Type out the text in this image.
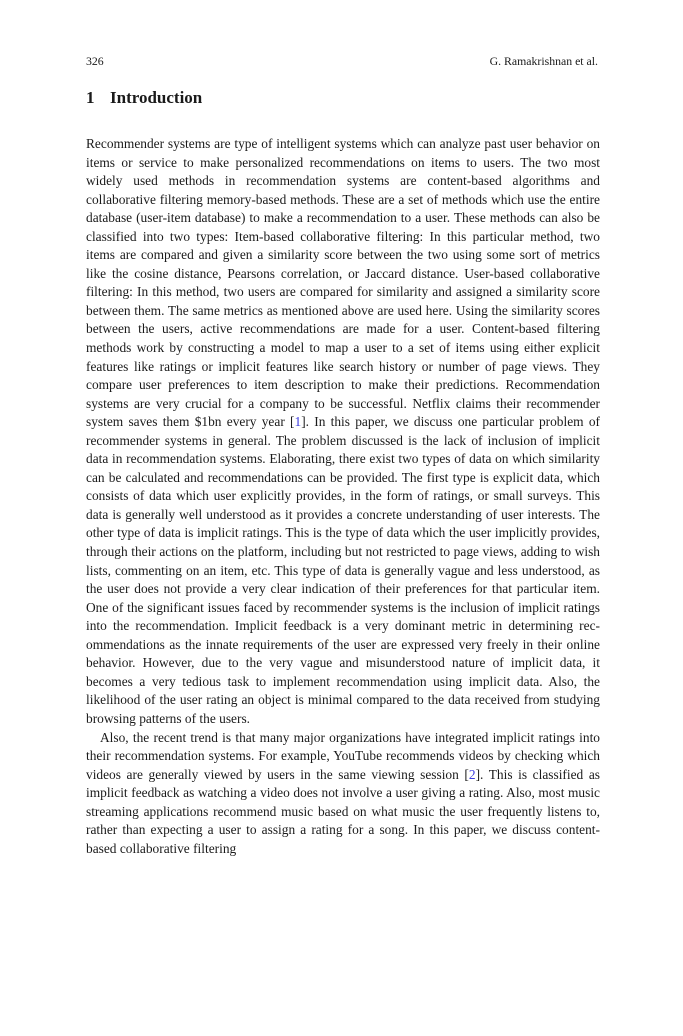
326	G. Ramakrishnan et al.
1 Introduction

Recommender systems are type of intelligent systems which can analyze past user behavior on items or service to make personalized recommendations on items to users. The two most widely used methods in recommendation systems are content-based algorithms and collaborative filtering memory-based methods. These are a set of methods which use the entire database (user-item database) to make a recommendation to a user. These methods can also be classified into two types: Item-based collaborative filtering: In this particular method, two items are compared and given a similarity score between the two using some sort of metrics like the cosine distance, Pearsons correlation, or Jaccard distance. User-based collaborative filtering: In this method, two users are compared for similarity and assigned a similarity score between them. The same metrics as mentioned above are used here. Using the similarity scores between the users, active recommendations are made for a user. Content-based filtering methods work by constructing a model to map a user to a set of items using either explicit features like ratings or implicit features like search history or number of page views. They compare user preferences to item description to make their predictions. Recommendation systems are very crucial for a company to be successful. Netflix claims their recommender system saves them $1bn every year [1]. In this paper, we discuss one particular problem of recommender systems in general. The problem discussed is the lack of inclusion of implicit data in recommendation systems. Elaborating, there exist two types of data on which similarity can be calculated and recommendations can be provided. The first type is explicit data, which consists of data which user explicitly provides, in the form of ratings, or small surveys. This data is generally well understood as it provides a concrete understanding of user interests. The other type of data is implicit ratings. This is the type of data which the user implicitly provides, through their actions on the platform, including but not restricted to page views, adding to wish lists, commenting on an item, etc. This type of data is generally vague and less understood, as the user does not provide a very clear indication of their preferences for that particular item. One of the significant issues faced by recommender systems is the inclusion of implicit ratings into the recommendation. Implicit feedback is a very dominant metric in determining recommendations as the innate requirements of the user are expressed very freely in their online behavior. However, due to the very vague and misunderstood nature of implicit data, it becomes a very tedious task to implement recommendation using implicit data. Also, the likelihood of the user rating an object is minimal compared to the data received from studying browsing patterns of the users.

Also, the recent trend is that many major organizations have integrated implicit ratings into their recommendation systems. For example, YouTube recommends videos by checking which videos are generally viewed by users in the same viewing session [2]. This is classified as implicit feedback as watching a video does not involve a user giving a rating. Also, most music streaming applications recommend music based on what music the user frequently listens to, rather than expecting a user to assign a rating for a song. In this paper, we discuss content-based collaborative filtering
